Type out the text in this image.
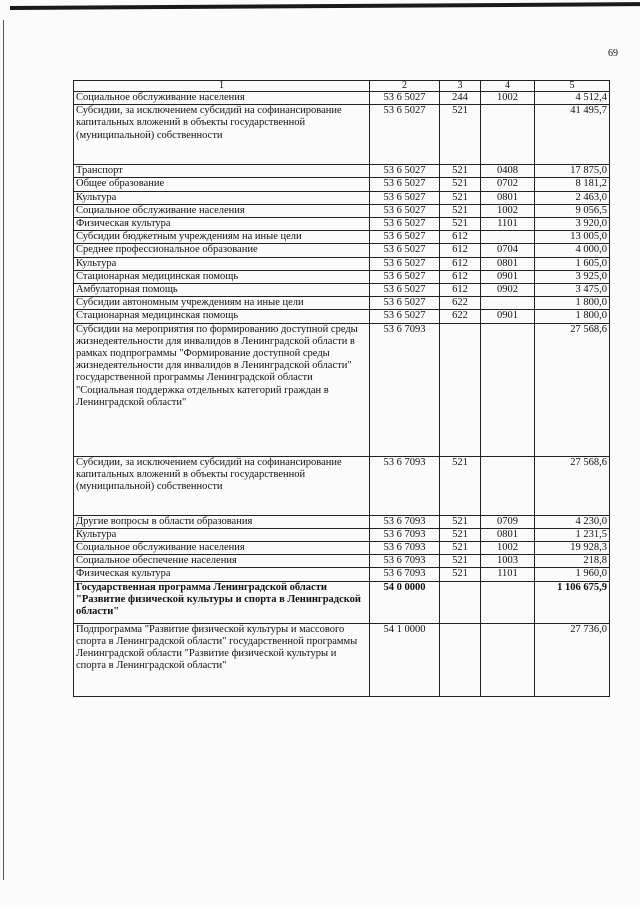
69
1	2	3	4	5
Социальное обслуживание населения	53 6 5027	244	1002	4 512,4
Субсидии, за исключением субсидий на софинансирование капитальных вложений в объекты государственной (муниципальной) собственности	53 6 5027	521		41 495,7
Транспорт	53 6 5027	521	0408	17 875,0
Общее образование	53 6 5027	521	0702	8 181,2
Культура	53 6 5027	521	0801	2 463,0
Социальное обслуживание населения	53 6 5027	521	1002	9 056,5
Физическая культура	53 6 5027	521	1101	3 920,0
Субсидии бюджетным учреждениям на иные цели	53 6 5027	612		13 005,0
Среднее профессиональное образование	53 6 5027	612	0704	4 000,0
Культура	53 6 5027	612	0801	1 605,0
Стационарная медицинская помощь	53 6 5027	612	0901	3 925,0
Амбулаторная помощь	53 6 5027	612	0902	3 475,0
Субсидии автономным учреждениям на иные цели	53 6 5027	622		1 800,0
Стационарная медицинская помощь	53 6 5027	622	0901	1 800,0
Субсидии на мероприятия по формированию доступной среды жизнедеятельности для инвалидов в Ленинградской области в рамках подпрограммы "Формирование доступной среды жизнедеятельности для инвалидов в Ленинградской области" государственной программы Ленинградской области "Социальная поддержка отдельных категорий граждан в Ленинградской области"	53 6 7093			27 568,6
Субсидии, за исключением субсидий на софинансирование капитальных вложений в объекты государственной (муниципальной) собственности	53 6 7093	521		27 568,6
Другие вопросы в области образования	53 6 7093	521	0709	4 230,0
Культура	53 6 7093	521	0801	1 231,5
Социальное обслуживание населения	53 6 7093	521	1002	19 928,3
Социальное обеспечение населения	53 6 7093	521	1003	218,8
Физическая культура	53 6 7093	521	1101	1 960,0
Государственная программа Ленинградской области "Развитие физической культуры и спорта в Ленинградской области"	54 0 0000			1 106 675,9
Подпрограмма "Развитие физической культуры и массового спорта в Ленинградской области" государственной программы Ленинградской области "Развитие физической культуры и спорта в Ленинградской области"	54 1 0000			27 736,0
